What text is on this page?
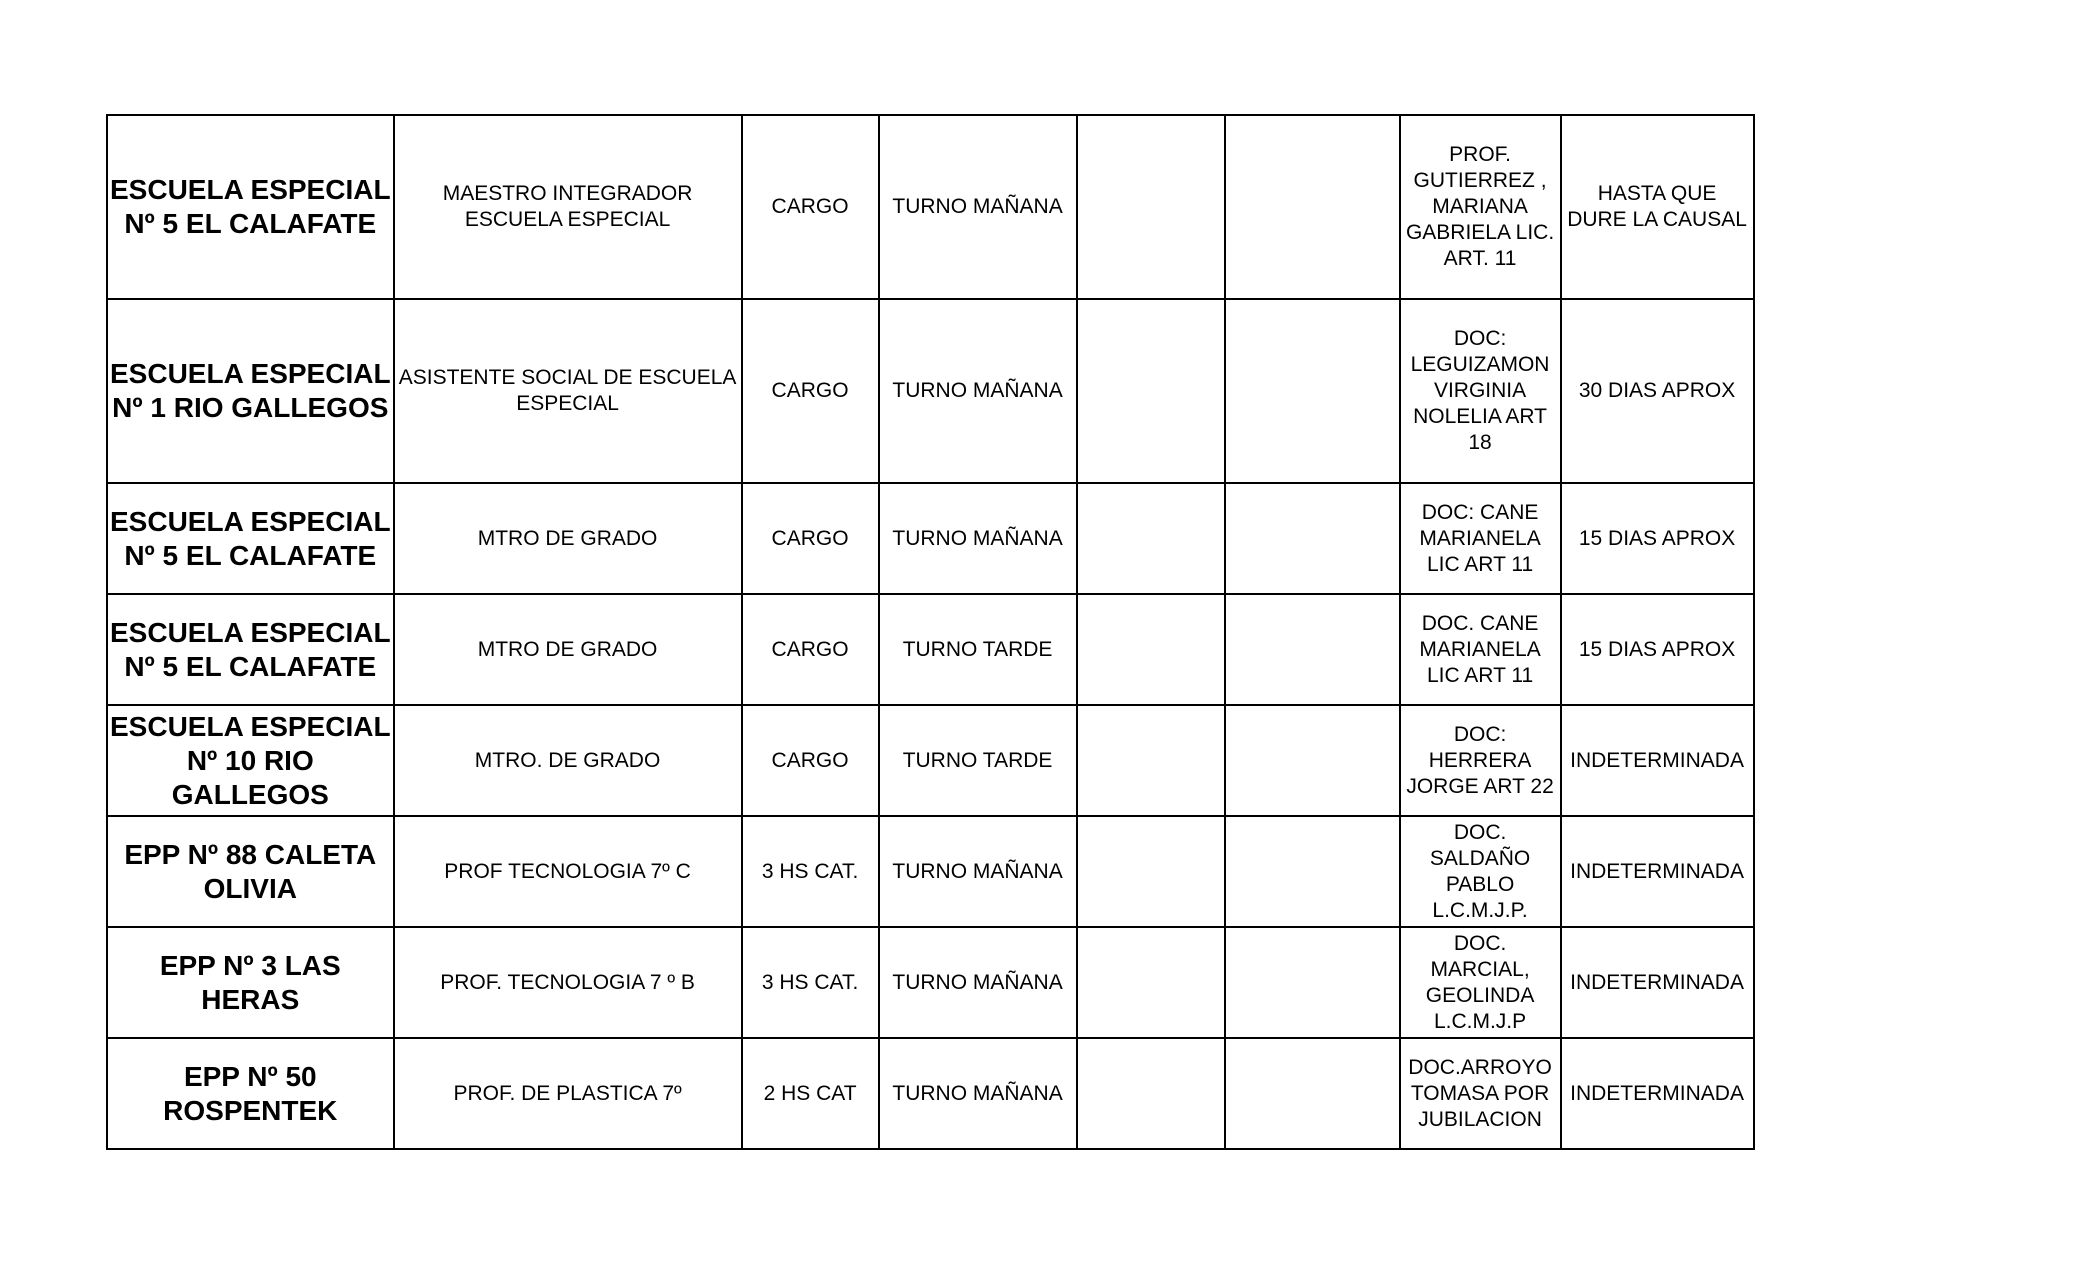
ESCUELA ESPECIAL
Nº 5 EL CALAFATE	MAESTRO INTEGRADOR
ESCUELA ESPECIAL	CARGO	TURNO MAÑANA			PROF.
GUTIERREZ ,
MARIANA
GABRIELA LIC.
ART. 11	HASTA QUE
DURE LA CAUSAL

ESCUELA ESPECIAL
Nº 1 RIO GALLEGOS	ASISTENTE SOCIAL DE ESCUELA
ESPECIAL	CARGO	TURNO MAÑANA			DOC:
LEGUIZAMON
VIRGINIA
NOLELIA ART
18	30 DIAS APROX

ESCUELA ESPECIAL
Nº 5 EL CALAFATE	MTRO DE GRADO	CARGO	TURNO MAÑANA			DOC: CANE
MARIANELA
LIC ART 11	15 DIAS APROX

ESCUELA ESPECIAL
Nº 5 EL CALAFATE	MTRO DE GRADO	CARGO	TURNO TARDE			DOC. CANE
MARIANELA
LIC ART 11	15 DIAS APROX

ESCUELA ESPECIAL
Nº 10 RIO
GALLEGOS	MTRO. DE GRADO	CARGO	TURNO TARDE			DOC:
HERRERA
JORGE ART 22	INDETERMINADA

EPP Nº 88 CALETA
OLIVIA	PROF TECNOLOGIA 7º C	3 HS CAT.	TURNO MAÑANA			DOC.
SALDAÑO
PABLO
L.C.M.J.P.	INDETERMINADA

EPP Nº 3 LAS
HERAS	PROF. TECNOLOGIA 7 º B	3 HS CAT.	TURNO MAÑANA			DOC.
MARCIAL,
GEOLINDA
L.C.M.J.P	INDETERMINADA

EPP Nº 50
ROSPENTEK	PROF. DE PLASTICA 7º	2 HS CAT	TURNO MAÑANA			DOC.ARROYO
TOMASA POR
JUBILACION	INDETERMINADA
